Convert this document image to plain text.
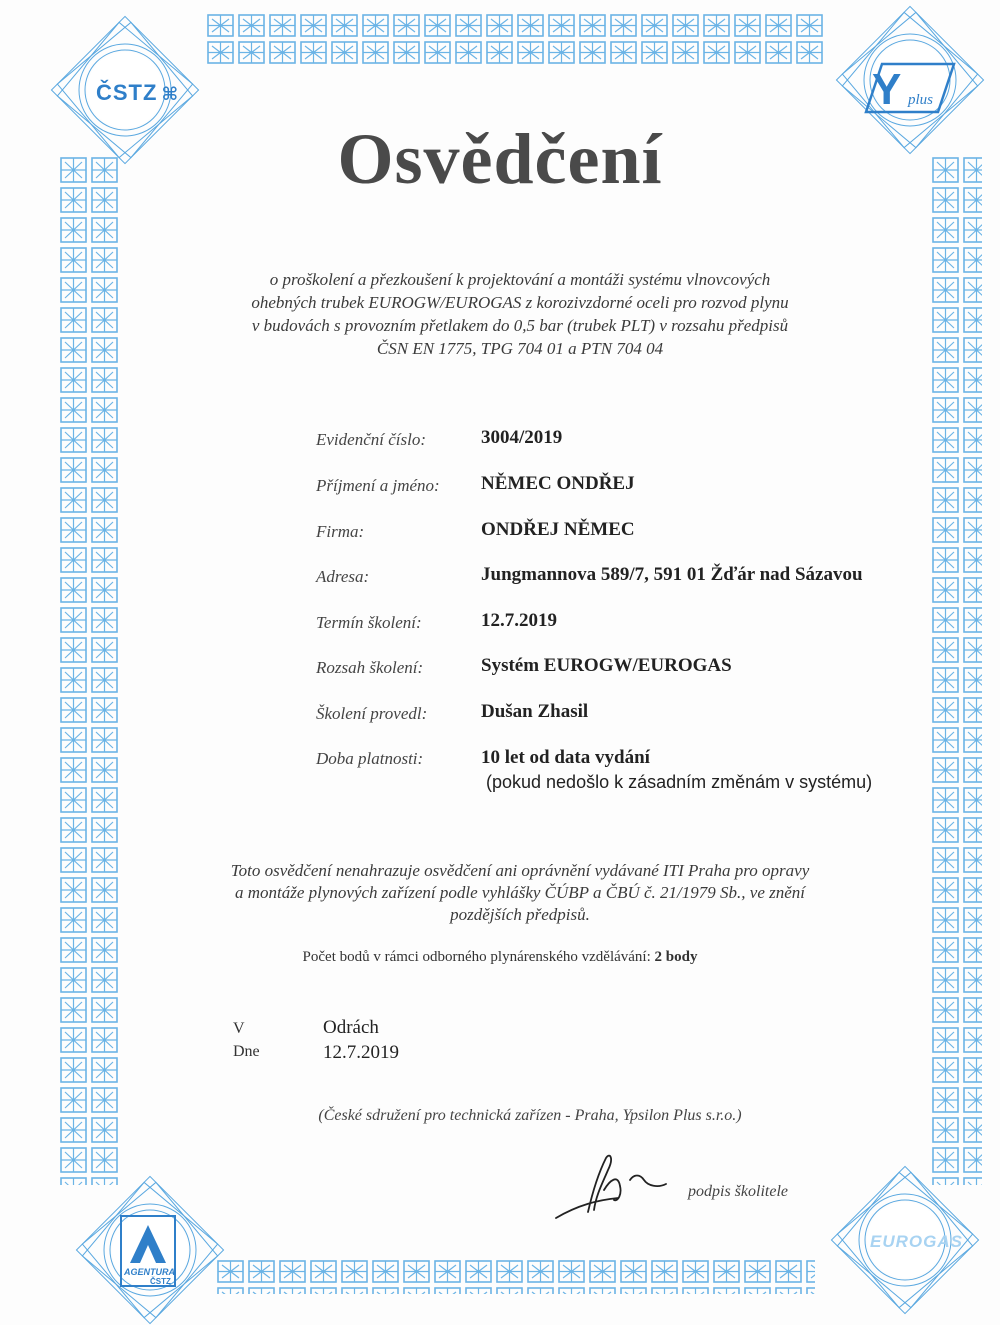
ČSTZ ⌘	Y plus
AGENTURA
ČSTZ
EUROGAS
Osvědčení
o proškolení a přezkoušení k projektování a montáži systému vlnovcových
ohebných trubek EUROGW/EUROGAS z korozivzdorné oceli pro rozvod plynu
v budovách s provozním přetlakem do 0,5 bar (trubek PLT) v rozsahu předpisů
ČSN EN 1775, TPG 704 01 a PTN 704 04
Evidenční číslo:	3004/2019
Příjmení a jméno: NĚMEC ONDŘEJ
Firma:	ONDŘEJ NĚMEC
Adresa:	Jungmannova 589/7, 591 01 Žďár nad Sázavou
Termín školení:	12.7.2019
Rozsah školení:	Systém EUROGW/EUROGAS
Školení provedl:	Dušan Zhasil
Doba platnosti:	10 let od data vydání
(pokud nedošlo k zásadním změnám v systému)
Toto osvědčení nenahrazuje osvědčení ani oprávnění vydávané ITI Praha pro opravy
a montáže plynových zařízení podle vyhlášky ČÚBP a ČBÚ č. 21/1979 Sb., ve znění
pozdějších předpisů.
Počet bodů v rámci odborného plynárenského vzdělávání: 2 body
V	Odrách
Dne	12.7.2019
(České sdružení pro technická zařízen - Praha, Ypsilon Plus s.r.o.)
podpis školitele
